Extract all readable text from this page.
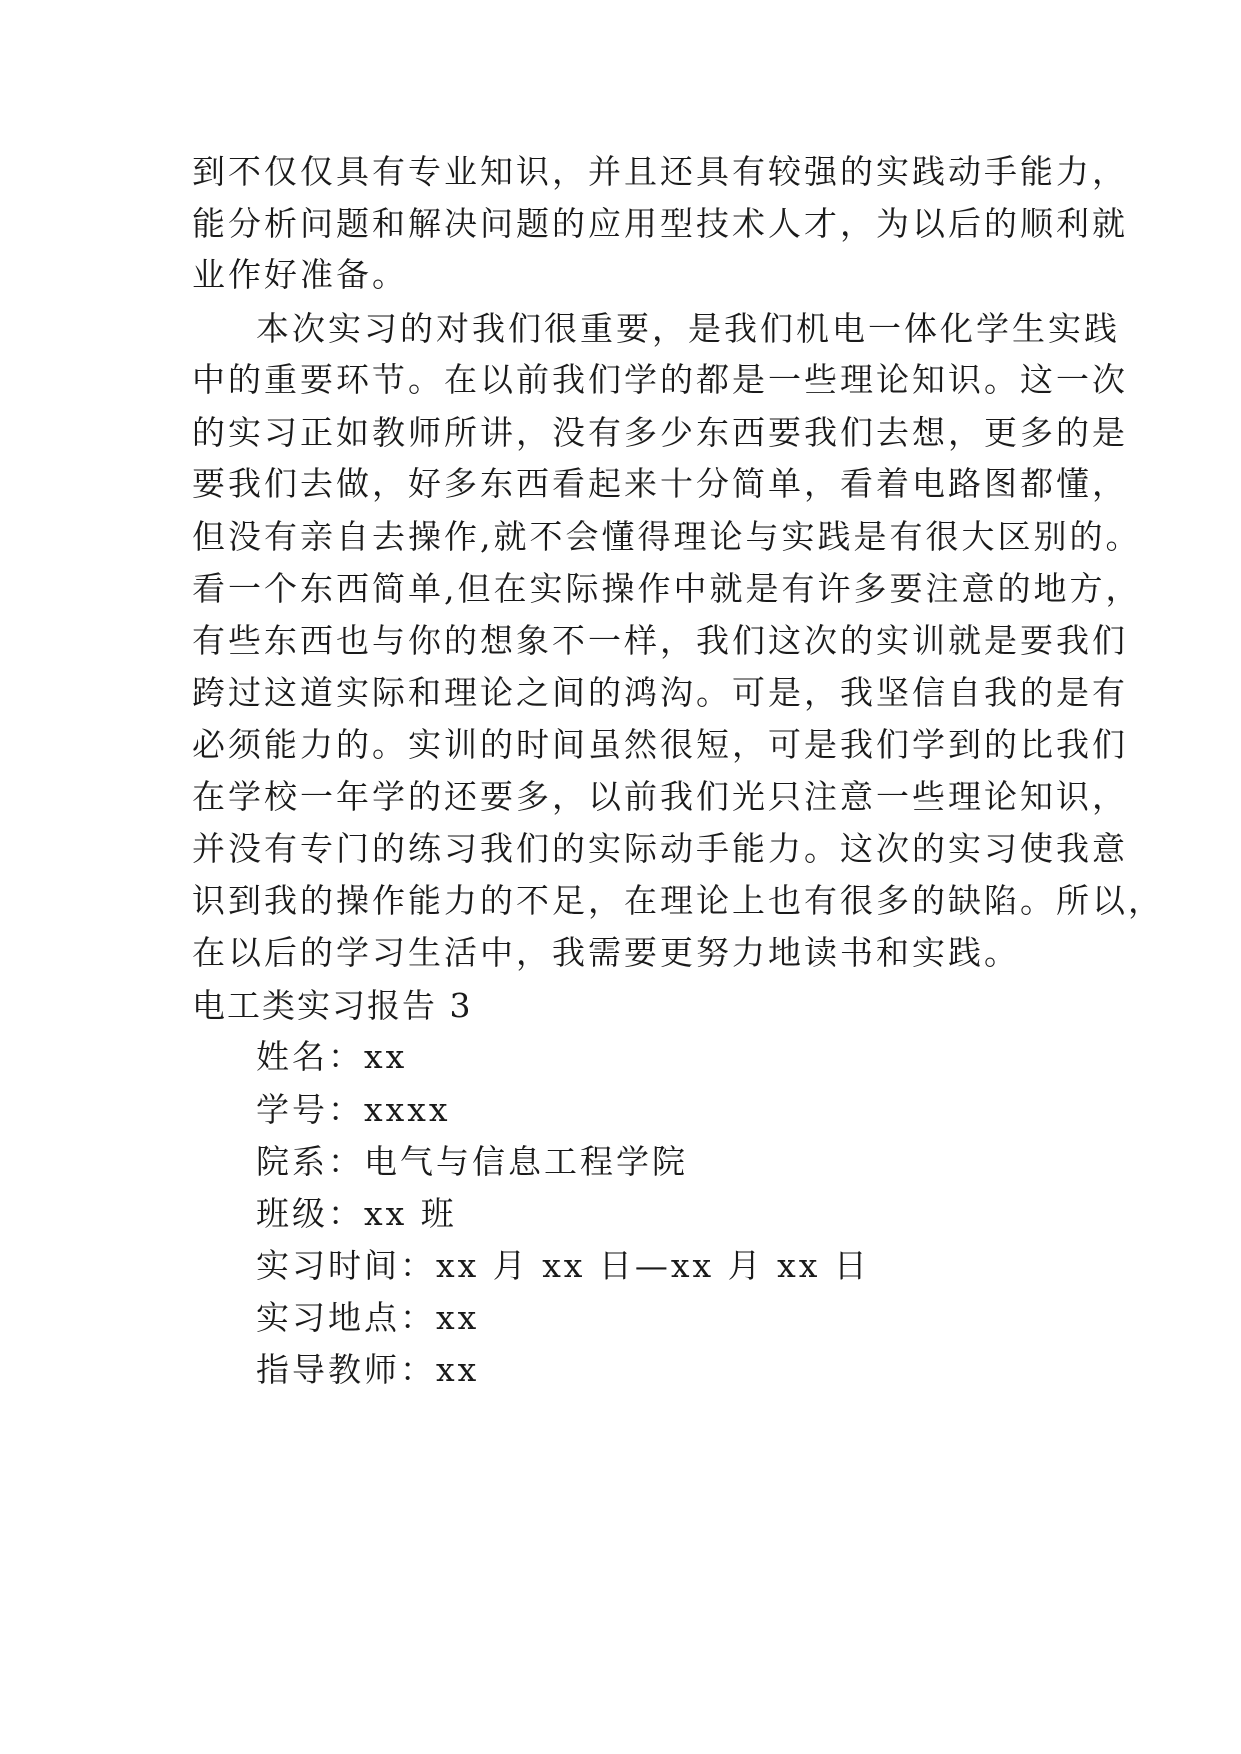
到不仅仅具有专业知识，并且还具有较强的实践动手能力，
能分析问题和解决问题的应用型技术人才，为以后的顺利就
业作好准备。
本次实习的对我们很重要，是我们机电一体化学生实践
中的重要环节。在以前我们学的都是一些理论知识。这一次
的实习正如教师所讲，没有多少东西要我们去想，更多的是
要我们去做，好多东西看起来十分简单，看着电路图都懂，
但没有亲自去操作,就不会懂得理论与实践是有很大区别的。
看一个东西简单,但在实际操作中就是有许多要注意的地方，
有些东西也与你的想象不一样，我们这次的实训就是要我们
跨过这道实际和理论之间的鸿沟。可是，我坚信自我的是有
必须能力的。实训的时间虽然很短，可是我们学到的比我们
在学校一年学的还要多，以前我们光只注意一些理论知识，
并没有专门的练习我们的实际动手能力。这次的实习使我意
识到我的操作能力的不足，在理论上也有很多的缺陷。所以，
在以后的学习生活中，我需要更努力地读书和实践。
电工类实习报告 3
姓名：xx
学号：xxxx
院系：电气与信息工程学院
班级：xx 班
实习时间：xx 月 xx 日—xx 月 xx 日
实习地点：xx
指导教师：xx
